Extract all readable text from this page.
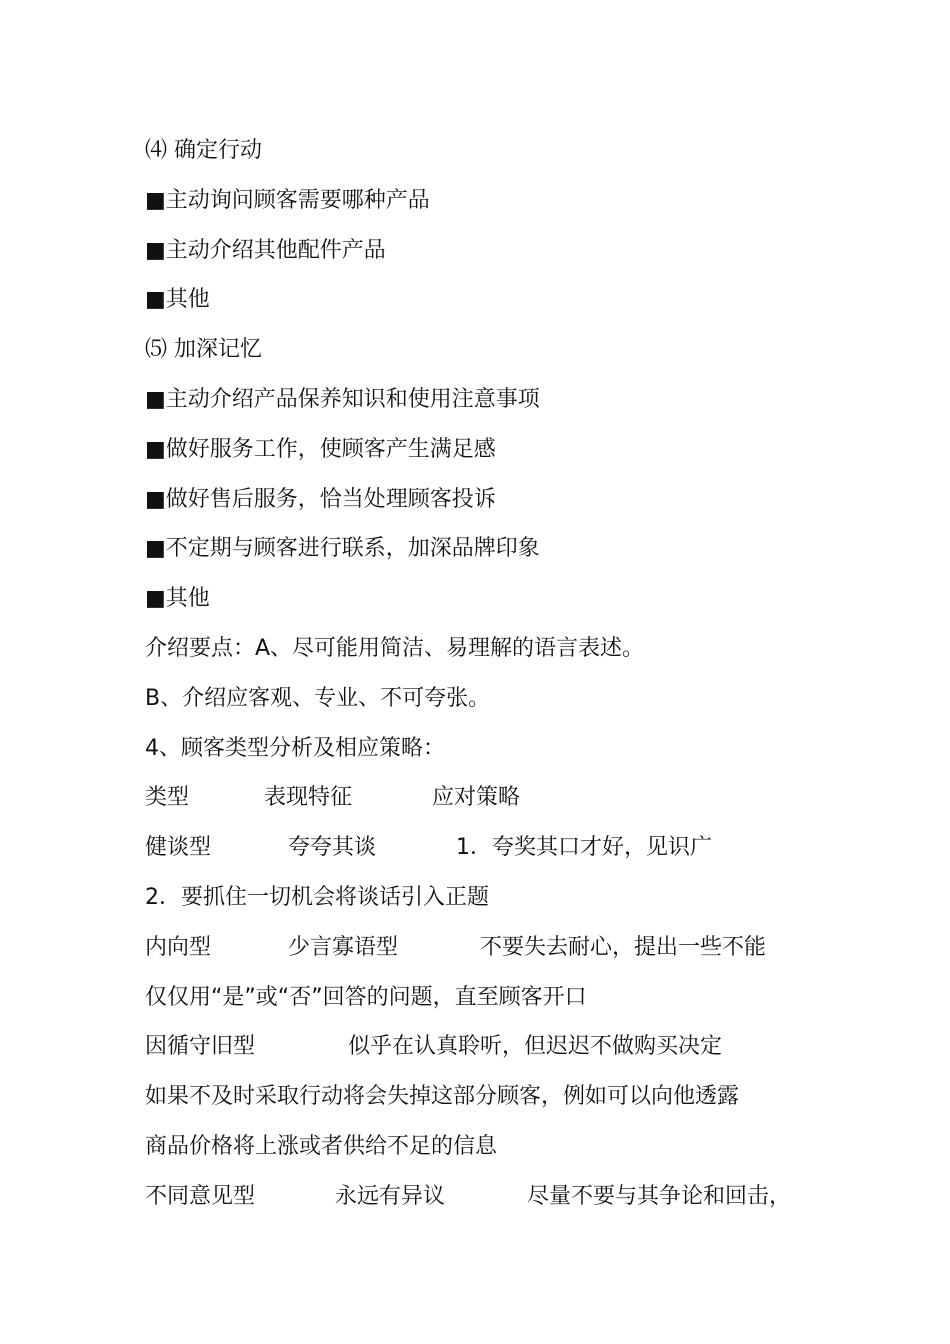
⑷ 确定行动
■主动询问顾客需要哪种产品
■主动介绍其他配件产品
■其他
⑸ 加深记忆
■主动介绍产品保养知识和使用注意事项
■做好服务工作，使顾客产生满足感
■做好售后服务，恰当处理顾客投诉
■不定期与顾客进行联系，加深品牌印象
■其他
介绍要点：A、尽可能用简洁、易理解的语言表述。
B、介绍应客观、专业、不可夸张。
4、顾客类型分析及相应策略：
类型	表现特征	应对策略
健谈型	夸夸其谈	1．夸奖其口才好，见识广
2．要抓住一切机会将谈话引入正题
内向型	少言寡语型	不要失去耐心，提出一些不能
仅仅用“是”或“否”回答的问题，直至顾客开口
因循守旧型	似乎在认真聆听，但迟迟不做购买决定
如果不及时采取行动将会失掉这部分顾客，例如可以向他透露
商品价格将上涨或者供给不足的信息
不同意见型	永远有异议	尽量不要与其争论和回击，
